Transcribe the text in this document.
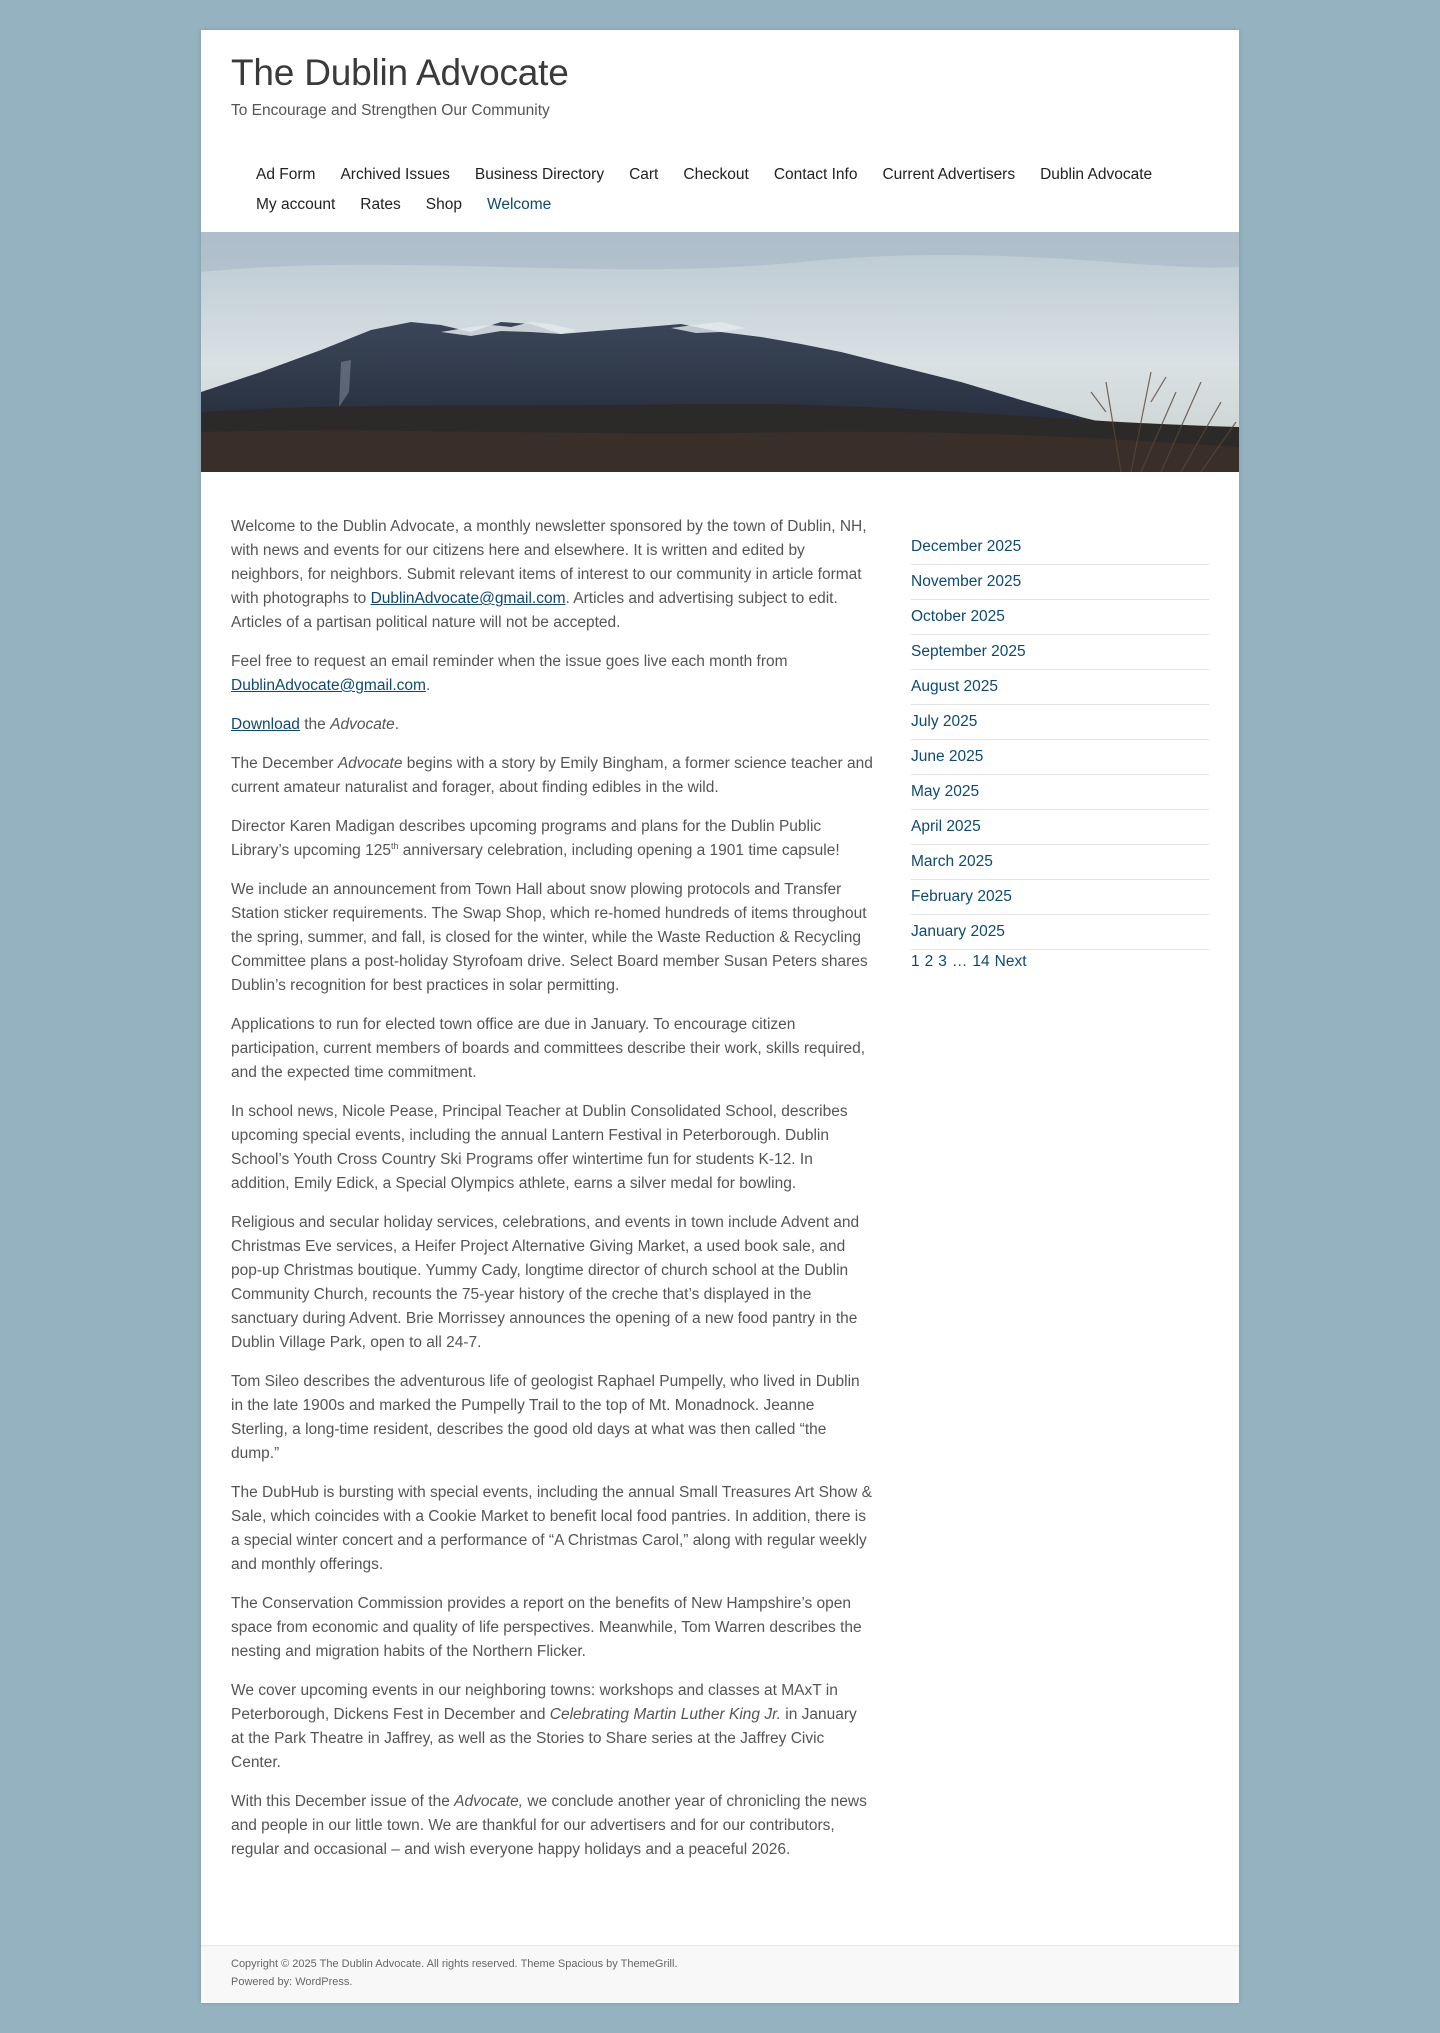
The Dublin Advocate
To Encourage and Strengthen Our Community
Ad Form Archived Issues Business Directory Cart Checkout Contact Info Current Advertisers Dublin Advocate
My account Rates Shop Welcome

Welcome to the Dublin Advocate, a monthly newsletter sponsored by the town of Dublin, NH, with news and events for our citizens here and elsewhere. It is written and edited by neighbors, for neighbors. Submit relevant items of interest to our community in article format with photographs to DublinAdvocate@gmail.com. Articles and advertising subject to edit. Articles of a partisan political nature will not be accepted.

Feel free to request an email reminder when the issue goes live each month from DublinAdvocate@gmail.com.

Download the Advocate.

The December Advocate begins with a story by Emily Bingham, a former science teacher and current amateur naturalist and forager, about finding edibles in the wild.

Director Karen Madigan describes upcoming programs and plans for the Dublin Public Library’s upcoming 125th anniversary celebration, including opening a 1901 time capsule!

We include an announcement from Town Hall about snow plowing protocols and Transfer Station sticker requirements. The Swap Shop, which re-homed hundreds of items throughout the spring, summer, and fall, is closed for the winter, while the Waste Reduction & Recycling Committee plans a post-holiday Styrofoam drive. Select Board member Susan Peters shares Dublin’s recognition for best practices in solar permitting.

Applications to run for elected town office are due in January. To encourage citizen participation, current members of boards and committees describe their work, skills required, and the expected time commitment.

In school news, Nicole Pease, Principal Teacher at Dublin Consolidated School, describes upcoming special events, including the annual Lantern Festival in Peterborough. Dublin School’s Youth Cross Country Ski Programs offer wintertime fun for students K-12. In addition, Emily Edick, a Special Olympics athlete, earns a silver medal for bowling.

Religious and secular holiday services, celebrations, and events in town include Advent and Christmas Eve services, a Heifer Project Alternative Giving Market, a used book sale, and pop-up Christmas boutique. Yummy Cady, longtime director of church school at the Dublin Community Church, recounts the 75-year history of the creche that’s displayed in the sanctuary during Advent. Brie Morrissey announces the opening of a new food pantry in the Dublin Village Park, open to all 24-7.

Tom Sileo describes the adventurous life of geologist Raphael Pumpelly, who lived in Dublin in the late 1900s and marked the Pumpelly Trail to the top of Mt. Monadnock. Jeanne Sterling, a long-time resident, describes the good old days at what was then called “the dump.”

The DubHub is bursting with special events, including the annual Small Treasures Art Show & Sale, which coincides with a Cookie Market to benefit local food pantries. In addition, there is a special winter concert and a performance of “A Christmas Carol,” along with regular weekly and monthly offerings.

The Conservation Commission provides a report on the benefits of New Hampshire’s open space from economic and quality of life perspectives. Meanwhile, Tom Warren describes the nesting and migration habits of the Northern Flicker.

We cover upcoming events in our neighboring towns: workshops and classes at MAxT in Peterborough, Dickens Fest in December and Celebrating Martin Luther King Jr. in January at the Park Theatre in Jaffrey, as well as the Stories to Share series at the Jaffrey Civic Center.

With this December issue of the Advocate, we conclude another year of chronicling the news and people in our little town. We are thankful for our advertisers and for our contributors, regular and occasional – and wish everyone happy holidays and a peaceful 2026.

December 2025
November 2025
October 2025
September 2025
August 2025
July 2025
June 2025
May 2025
April 2025
March 2025
February 2025
January 2025
1 2 3 … 14 Next
Copyright © 2025 The Dublin Advocate. All rights reserved. Theme Spacious by ThemeGrill.
Powered by: WordPress.
